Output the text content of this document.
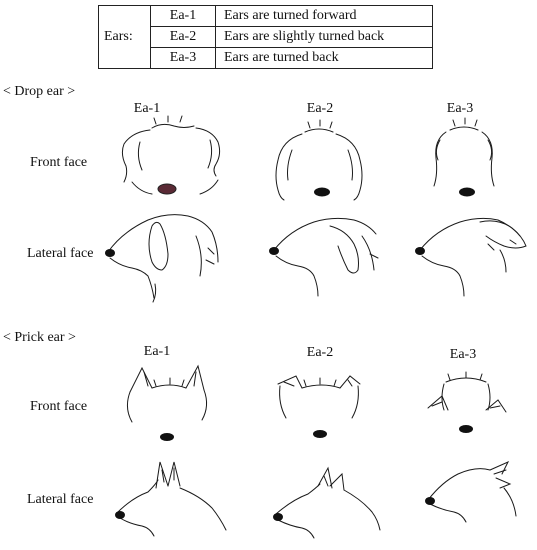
Ears:	Ea-1	Ears are turned forward
	Ea-2	Ears are slightly turned back
	Ea-3	Ears are turned back
< Drop ear >
Ea-1	Ea-2	Ea-3
Front face
Lateral face
< Prick ear >
Ea-1	Ea-2	Ea-3
Front face
Lateral face
